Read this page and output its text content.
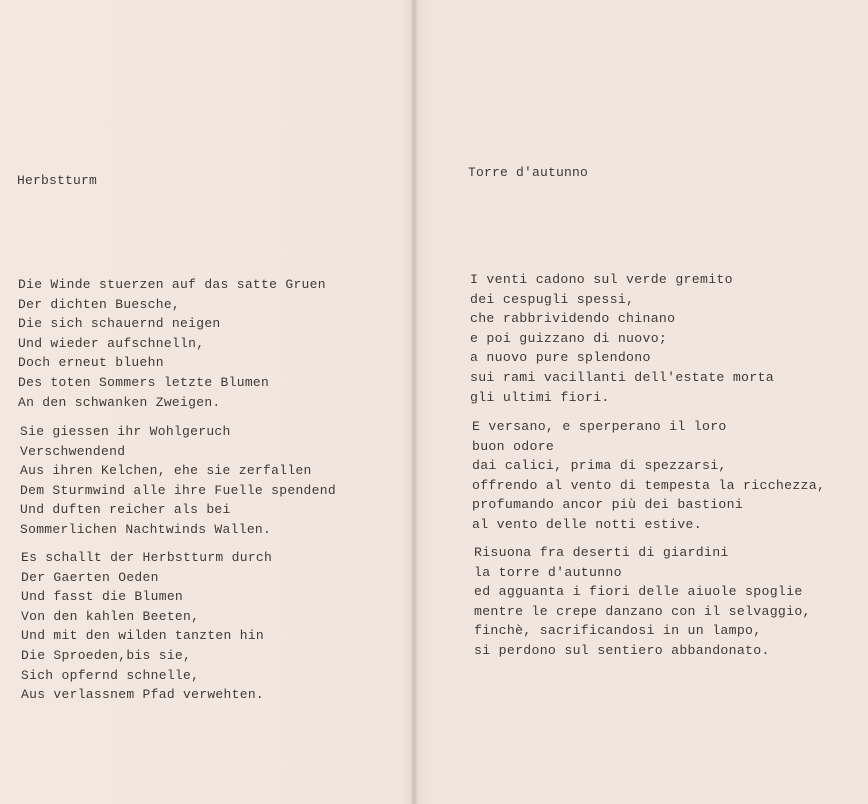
Herbstturm
Die Winde stuerzen auf das satte Gruen
Der dichten Buesche,
Die sich schauernd neigen
Und wieder aufschnelln,
Doch erneut bluehn
Des toten Sommers letzte Blumen
An den schwanken Zweigen.
Sie giessen ihr Wohlgeruch
Verschwendend
Aus ihren Kelchen, ehe sie zerfallen
Dem Sturmwind alle ihre Fuelle spendend
Und duften reicher als bei
Sommerlichen Nachtwinds Wallen.
Es schallt der Herbstturm durch
Der Gaerten Oeden
Und fasst die Blumen
Von den kahlen Beeten,
Und mit den wilden tanzten hin
Die Sproeden,bis sie,
Sich opfernd schnelle,
Aus verlassnem Pfad verwehten.
Torre d'autunno
I venti cadono sul verde gremito
dei cespugli spessi,
che rabbrividendo chinano
e poi guizzano di nuovo;
a nuovo pure splendono
sui rami vacillanti dell'estate morta
gli ultimi fiori.
E versano, e sperperano il loro
buon odore
dai calici, prima di spezzarsi,
offrendo al vento di tempesta la ricchezza,
profumando ancor più dei bastioni
al vento delle notti estive.
Risuona fra deserti di giardini
la torre d'autunno
ed agguanta i fiori delle aiuole spoglie
mentre le crepe danzano con il selvaggio,
finchè, sacrificandosi in un lampo,
si perdono sul sentiero abbandonato.
